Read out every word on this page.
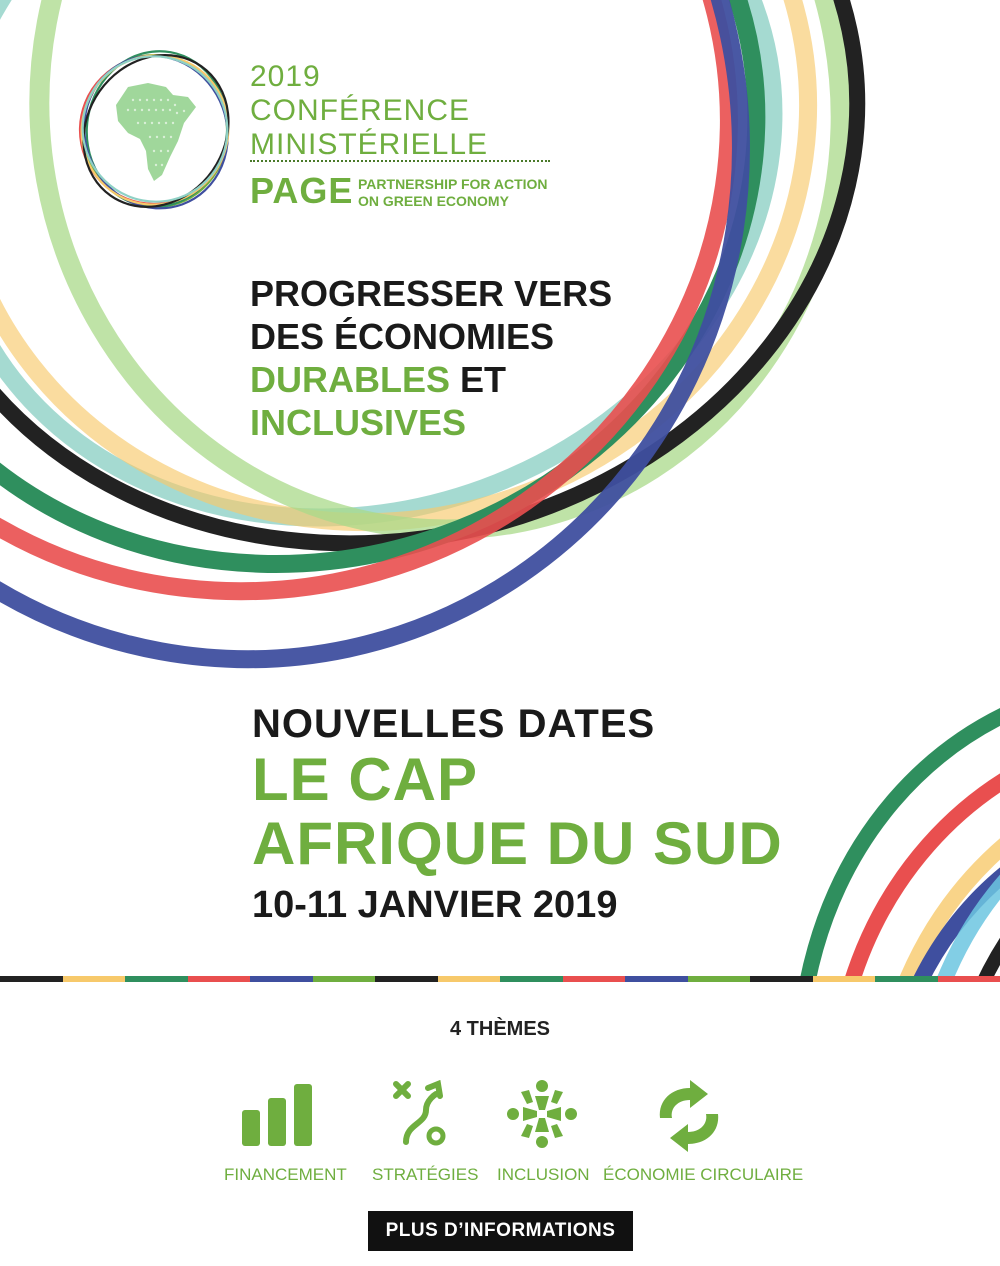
2019
CONFÉRENCE
MINISTÉRIELLE
PAGE PARTNERSHIP FOR ACTION
ON GREEN ECONOMY
PROGRESSER VERS
DES ÉCONOMIES
DURABLES ET
INCLUSIVES
NOUVELLES DATES
LE CAP
AFRIQUE DU SUD
10-11 JANVIER 2019
4 THÈMES
FINANCEMENT STRATÉGIES INCLUSION ÉCONOMIE CIRCULAIRE
PLUS D’INFORMATIONS
